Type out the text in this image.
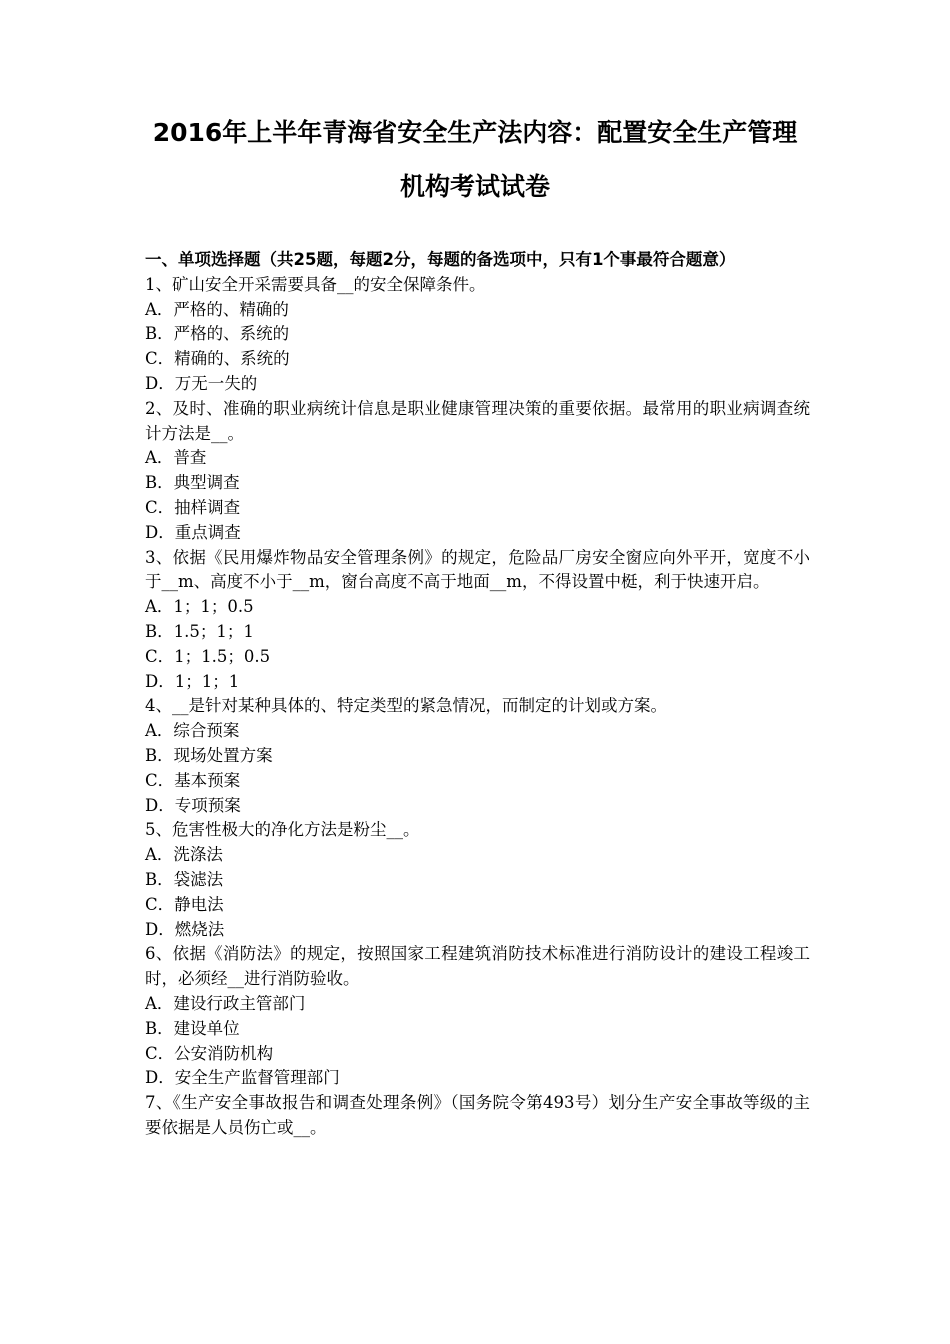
2016年上半年青海省安全生产法内容：配置安全生产管理
机构考试试卷
一、单项选择题（共25题，每题2分，每题的备选项中，只有1个事最符合题意）
1、矿山安全开采需要具备__的安全保障条件。
A．严格的、精确的
B．严格的、系统的
C．精确的、系统的
D．万无一失的
2、及时、准确的职业病统计信息是职业健康管理决策的重要依据。最常用的职业病调查统计方法是__。
A．普查
B．典型调查
C．抽样调查
D．重点调查
3、依据《民用爆炸物品安全管理条例》的规定，危险品厂房安全窗应向外平开，宽度不小于__m、高度不小于__m，窗台高度不高于地面__m，不得设置中梃，利于快速开启。
A．1；1；0.5
B．1.5；1；1
C．1；1.5；0.5
D．1；1；1
4、__是针对某种具体的、特定类型的紧急情况，而制定的计划或方案。
A．综合预案
B．现场处置方案
C．基本预案
D．专项预案
5、危害性极大的净化方法是粉尘__。
A．洗涤法
B．袋滤法
C．静电法
D．燃烧法
6、依据《消防法》的规定，按照国家工程建筑消防技术标准进行消防设计的建设工程竣工时，必须经__进行消防验收。
A．建设行政主管部门
B．建设单位
C．公安消防机构
D．安全生产监督管理部门
7、《生产安全事故报告和调查处理条例》（国务院令第493号）划分生产安全事故等级的主要依据是人员伤亡或__。
